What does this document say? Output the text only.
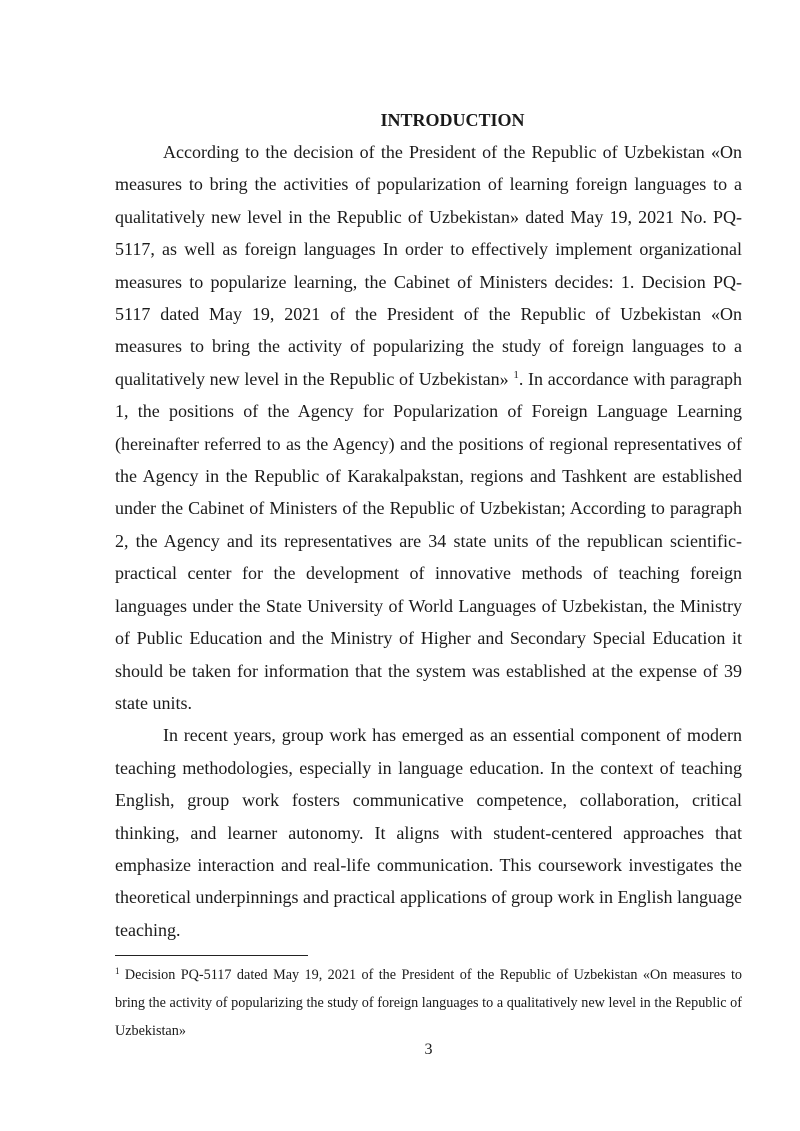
INTRODUCTION

According to the decision of the President of the Republic of Uzbekistan «On measures to bring the activities of popularization of learning foreign languages to a qualitatively new level in the Republic of Uzbekistan» dated May 19, 2021 No. PQ-5117, as well as foreign languages In order to effectively implement organizational measures to popularize learning, the Cabinet of Ministers decides: 1. Decision PQ-5117 dated May 19, 2021 of the President of the Republic of Uzbekistan «On measures to bring the activity of popularizing the study of foreign languages to a qualitatively new level in the Republic of Uzbekistan» $^1$. In accordance with paragraph 1, the positions of the Agency for Popularization of Foreign Language Learning (hereinafter referred to as the Agency) and the positions of regional representatives of the Agency in the Republic of Karakalpakstan, regions and Tashkent are established under the Cabinet of Ministers of the Republic of Uzbekistan; According to paragraph 2, the Agency and its representatives are 34 state units of the republican scientific-practical center for the development of innovative methods of teaching foreign languages under the State University of World Languages of Uzbekistan, the Ministry of Public Education and the Ministry of Higher and Secondary Special Education it should be taken for information that the system was established at the expense of 39 state units.

In recent years, group work has emerged as an essential component of modern teaching methodologies, especially in language education. In the context of teaching English, group work fosters communicative competence, collaboration, critical thinking, and learner autonomy. It aligns with student-centered approaches that emphasize interaction and real-life communication. This coursework investigates the theoretical underpinnings and practical applications of group work in English language teaching.

$^1$ Decision PQ-5117 dated May 19, 2021 of the President of the Republic of Uzbekistan «On measures to bring the activity of popularizing the study of foreign languages to a qualitatively new level in the Republic of Uzbekistan»

3
